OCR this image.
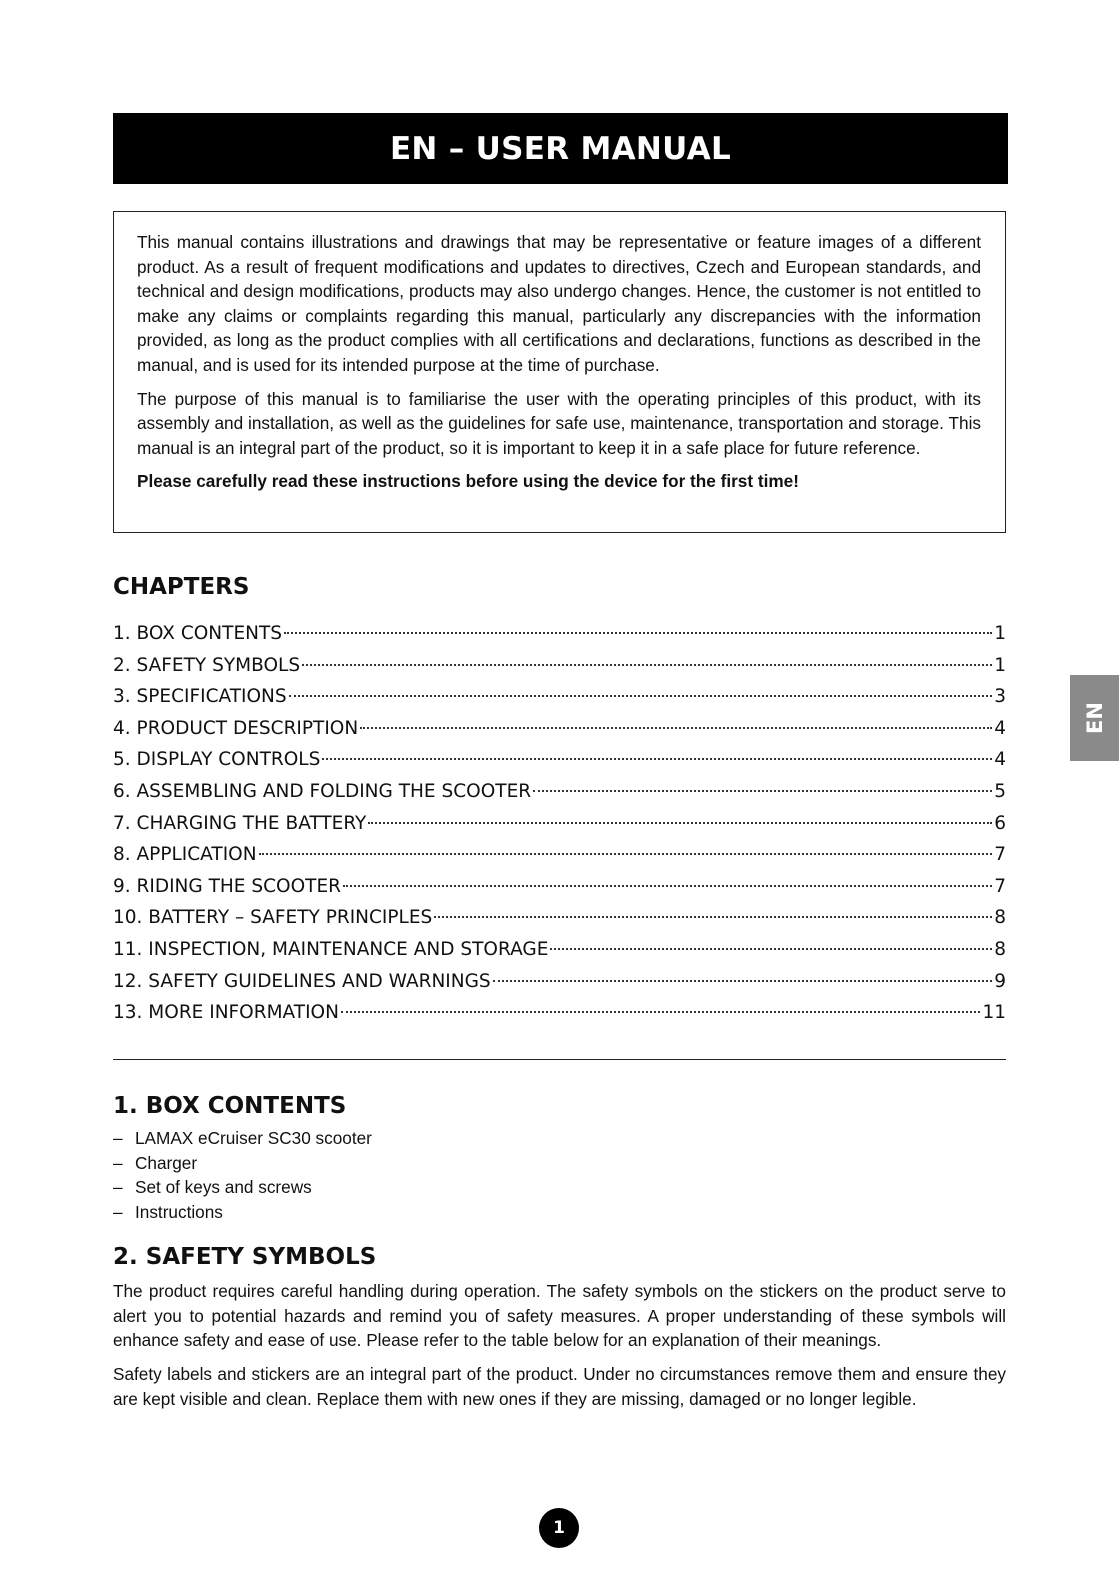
EN – USER MANUAL
EN

This manual contains illustrations and drawings that may be representative or feature images of a different product. As a result of frequent modifications and updates to directives, Czech and European standards, and technical and design modifications, products may also undergo changes. Hence, the customer is not entitled to make any claims or complaints regarding this manual, particularly any discrepancies with the information provided, as long as the product complies with all certifications and declarations, functions as described in the manual, and is used for its intended purpose at the time of purchase.

The purpose of this manual is to familiarise the user with the operating principles of this product, with its assembly and installation, as well as the guidelines for safe use, maintenance, transportation and storage. This manual is an integral part of the product, so it is important to keep it in a safe place for future reference.

Please carefully read these instructions before using the device for the first time!

CHAPTERS
1. BOX CONTENTS	1
2. SAFETY SYMBOLS	1
3. SPECIFICATIONS	3
4. PRODUCT DESCRIPTION	4
5. DISPLAY CONTROLS	4
6. ASSEMBLING AND FOLDING THE SCOOTER	5
7. CHARGING THE BATTERY	6
8. APPLICATION	7
9. RIDING THE SCOOTER	7
10. BATTERY – SAFETY PRINCIPLES	8
11. INSPECTION, MAINTENANCE AND STORAGE	8
12. SAFETY GUIDELINES AND WARNINGS	9
13. MORE INFORMATION	11
1. BOX CONTENTS
– LAMAX eCruiser SC30 scooter
– Charger
– Set of keys and screws
– Instructions
2. SAFETY SYMBOLS

The product requires careful handling during operation. The safety symbols on the stickers on the product serve to alert you to potential hazards and remind you of safety measures. A proper understanding of these symbols will enhance safety and ease of use. Please refer to the table below for an explanation of their meanings.

Safety labels and stickers are an integral part of the product. Under no circumstances remove them and ensure they are kept visible and clean. Replace them with new ones if they are missing, damaged or no longer legible.

1
